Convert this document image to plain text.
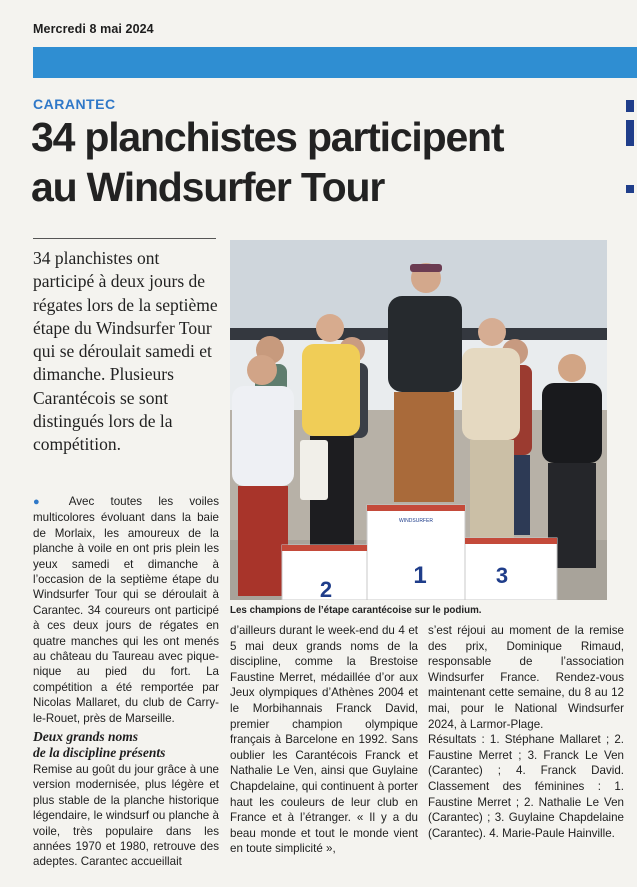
Mercredi 8 mai 2024
CARANTEC
34 planchistes participent
au Windsurfer Tour
34 planchistes ont participé à deux jours de régates lors de la septième étape du Windsurfer Tour qui se déroulait samedi et dimanche. Plusieurs Carantécois se sont distingués lors de la compétition.

● Avec toutes les voiles multicolores évoluant dans la baie de Morlaix, les amoureux de la planche à voile en ont pris plein les yeux samedi et dimanche à l’occasion de la septième étape du Windsurfer Tour qui se déroulait à Carantec. 34 coureurs ont participé à ces deux jours de régates en quatre manches qui les ont menés au château du Taureau avec pique-nique au pied du fort. La compétition a été remportée par Nicolas Mallaret, du club de Carry-le-Rouet, près de Marseille.

Deux grands noms
de la discipline présents

Remise au goût du jour grâce à une version modernisée, plus légère et plus stable de la planche historique légendaire, le windsurf ou planche à voile, très populaire dans les années 1970 et 1980, retrouve des adeptes. Carantec accueillait

2
1	3
WINDSURFER
Les champions de l’étape carantécoise sur le podium.

d’ailleurs durant le week-end du 4 et 5 mai deux grands noms de la discipline, comme la Brestoise Faustine Merret, médaillée d’or aux Jeux olympiques d’Athènes 2004 et le Morbihannais Franck David, premier champion olympique français à Barcelone en 1992. Sans oublier les Carantécois Franck et Nathalie Le Ven, ainsi que Guylaine Chapdelaine, qui continuent à porter haut les couleurs de leur club en France et à l’étranger. « Il y a du beau monde et tout le monde vient en toute simplicité »,

s’est réjoui au moment de la remise des prix, Dominique Rimaud, responsable de l’association Windsurfer France. Rendez-vous maintenant cette semaine, du 8 au 12 mai, pour le National Windsurfer 2024, à Larmor-Plage.

Résultats : 1. Stéphane Mallaret ; 2. Faustine Merret ; 3. Franck Le Ven (Carantec) ; 4. Franck David. Classement des féminines : 1. Faustine Merret ; 2. Nathalie Le Ven (Carantec) ; 3. Guylaine Chapdelaine (Carantec). 4. Marie-Paule Hainville.
